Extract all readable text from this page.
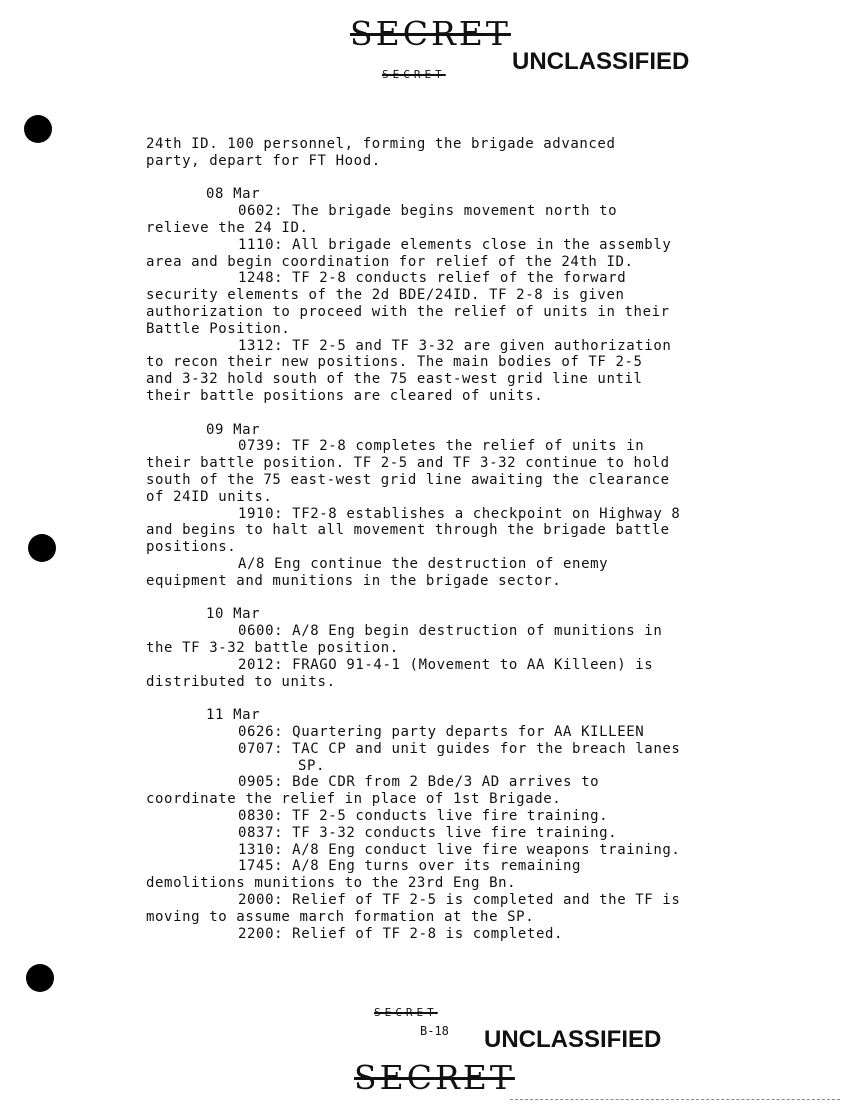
SECRET
UNCLASSIFIED
SECRET
24th ID. 100 personnel, forming the brigade advanced
party, depart for FT Hood.
08 Mar
0602: The brigade begins movement north to
relieve the 24 ID.
1110: All brigade elements close in the assembly
area and begin coordination for relief of the 24th ID.
1248: TF 2-8 conducts relief of the forward
security elements of the 2d BDE/24ID. TF 2-8 is given
authorization to proceed with the relief of units in their
Battle Position.
1312: TF 2-5 and TF 3-32 are given authorization
to recon their new positions. The main bodies of TF 2-5
and 3-32 hold south of the 75 east-west grid line until
their battle positions are cleared of units.
09 Mar
0739: TF 2-8 completes the relief of units in
their battle position. TF 2-5 and TF 3-32 continue to hold
south of the 75 east-west grid line awaiting the clearance
of 24ID units.
1910: TF2-8 establishes a checkpoint on Highway 8
and begins to halt all movement through the brigade battle
positions.
A/8 Eng continue the destruction of enemy
equipment and munitions in the brigade sector.
10 Mar
0600: A/8 Eng begin destruction of munitions in
the TF 3-32 battle position.
2012: FRAGO 91-4-1 (Movement to AA Killeen) is
distributed to units.
11 Mar
0626: Quartering party departs for AA KILLEEN
0707: TAC CP and unit guides for the breach lanes
SP.
0905: Bde CDR from 2 Bde/3 AD arrives to
coordinate the relief in place of 1st Brigade.
0830: TF 2-5 conducts live fire training.
0837: TF 3-32 conducts live fire training.
1310: A/8 Eng conduct live fire weapons training.
1745: A/8 Eng turns over its remaining
demolitions munitions to the 23rd Eng Bn.
2000: Relief of TF 2-5 is completed and the TF is
moving to assume march formation at the SP.
2200: Relief of TF 2-8 is completed.
SECRET
B-18 UNCLASSIFIED
SECRET
